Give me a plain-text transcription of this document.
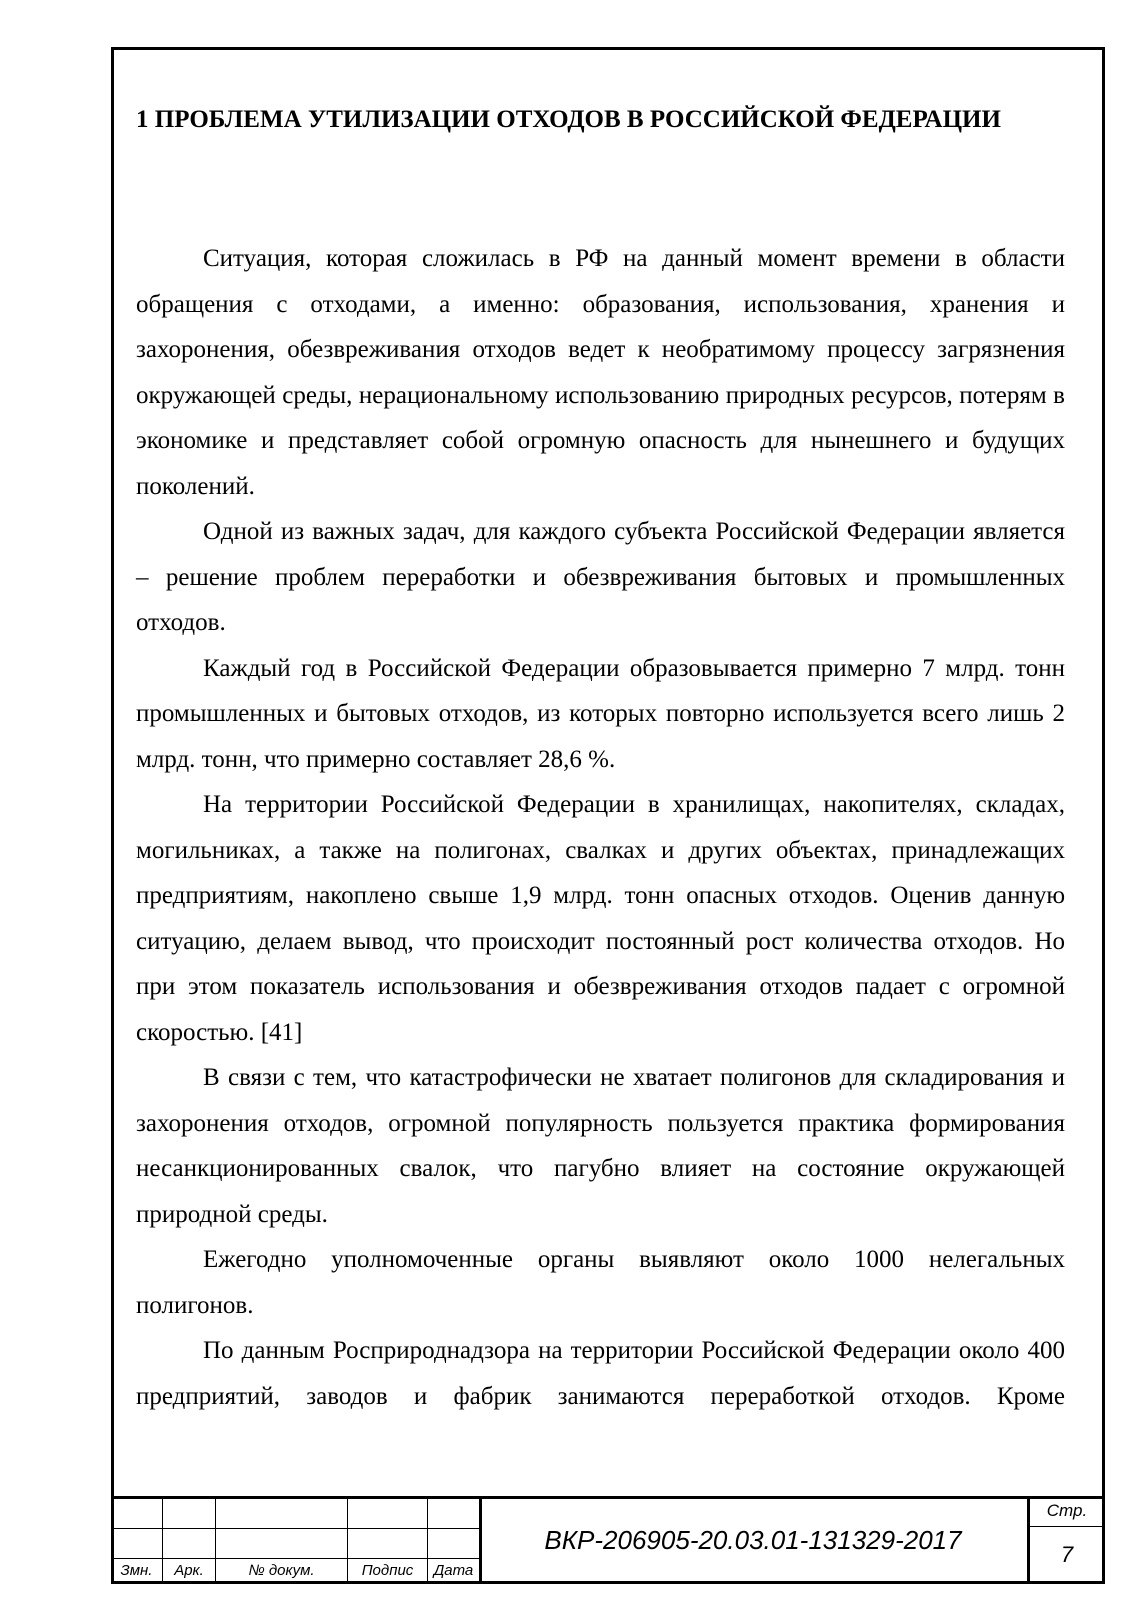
1 ПРОБЛЕМА УТИЛИЗАЦИИ ОТХОДОВ В РОССИЙСКОЙ ФЕДЕРАЦИИ

Ситуация, которая сложилась в РФ на данный момент времени в области обращения с отходами, а именно: образования, использования, хранения и захоронения, обезвреживания отходов ведет к необратимому процессу загрязнения окружающей среды, нерациональному использованию природных ресурсов, потерям в экономике и представляет собой огромную опасность для нынешнего и будущих поколений.

Одной из важных задач, для каждого субъекта Российской Федерации является – решение проблем переработки и обезвреживания бытовых и промышленных отходов.

Каждый год в Российской Федерации образовывается примерно 7 млрд. тонн промышленных и бытовых отходов, из которых повторно используется всего лишь 2 млрд. тонн, что примерно составляет 28,6 %.

На территории Российской Федерации в хранилищах, накопителях, складах, могильниках, а также на полигонах, свалках и других объектах, принадлежащих предприятиям, накоплено свыше 1,9 млрд. тонн опасных отходов. Оценив данную ситуацию, делаем вывод, что происходит постоянный рост количества отходов. Но при этом показатель использования и обезвреживания отходов падает с огромной скоростью. [41]

В связи с тем, что катастрофически не хватает полигонов для складирования и захоронения отходов, огромной популярность пользуется практика формирования несанкционированных свалок, что пагубно влияет на состояние окружающей природной среды.

Ежегодно уполномоченные органы выявляют около 1000 нелегальных полигонов.

По данным Росприроднадзора на территории Российской Федерации около 400 предприятий, заводов и фабрик занимаются переработкой отходов. Кроме

Змн.	Арк.	№ докум.	Подпис	Дата
ВКР-206905-20.03.01-131329-2017
Стр.
7
